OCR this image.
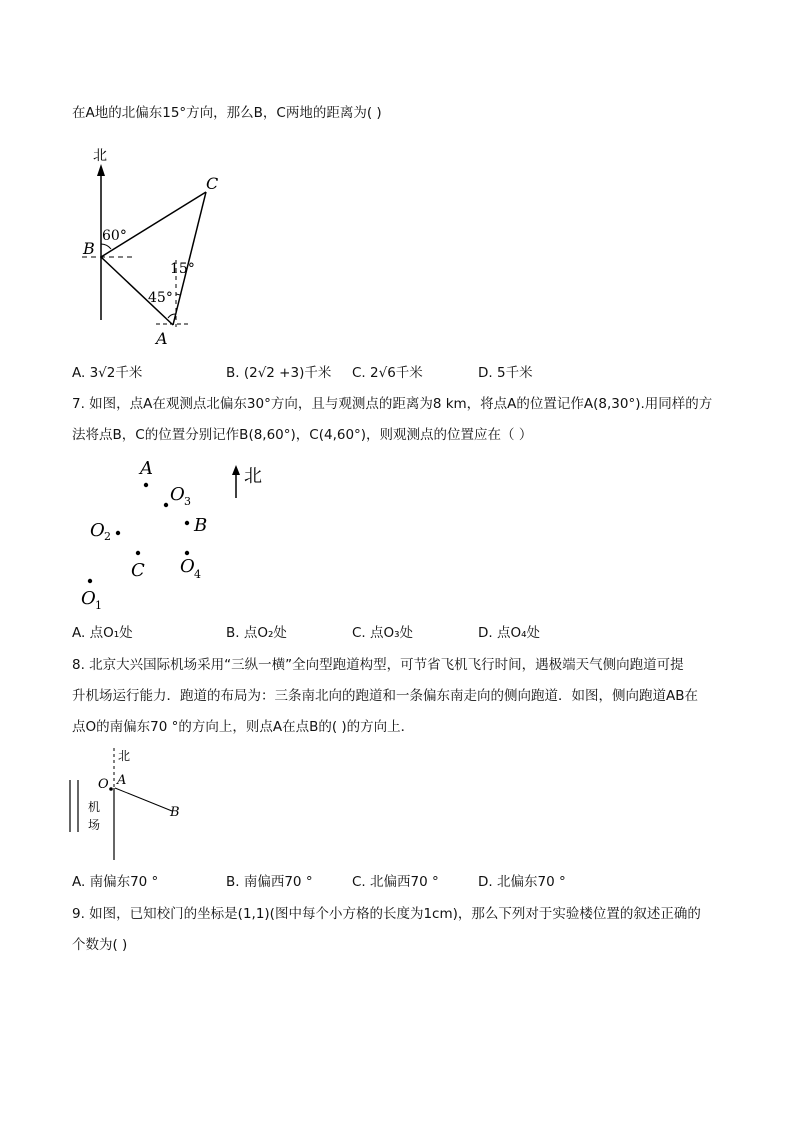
在A地的北偏东15°方向，那么B，C两地的距离为( )
北
60°
15°
45°
B
C
A
A. 3√2千米	B. (2√2 +3)千米 C. 2√6千米	D. 5千米
7. 如图，点A在观测点北偏东30°方向，且与观测点的距离为8 km，将点A的位置记作A(8,30°).用同样的方
法将点B，C的位置分别记作B(8,60°)，C(4,60°)，则观测点的位置应在（ ）
A
O 3
B
O 2
C O 4
O 1
北
A. 点O₁处	B. 点O₂处	C. 点O₃处	D. 点O₄处
8. 北京大兴国际机场采用“三纵一横”全向型跑道构型，可节省飞机飞行时间，遇极端天气侧向跑道可提
升机场运行能力．跑道的布局为：三条南北向的跑道和一条偏东南走向的侧向跑道．如图，侧向跑道AB在
点O的南偏东70 °的方向上，则点A在点B的( )的方向上．
北
O A
B
机
场
A. 南偏东70 °	B. 南偏西70 °	C. 北偏西70 °	D. 北偏东70 °
9. 如图，已知校门的坐标是(1,1)(图中每个小方格的长度为1cm)，那么下列对于实验楼位置的叙述正确的
个数为( )
